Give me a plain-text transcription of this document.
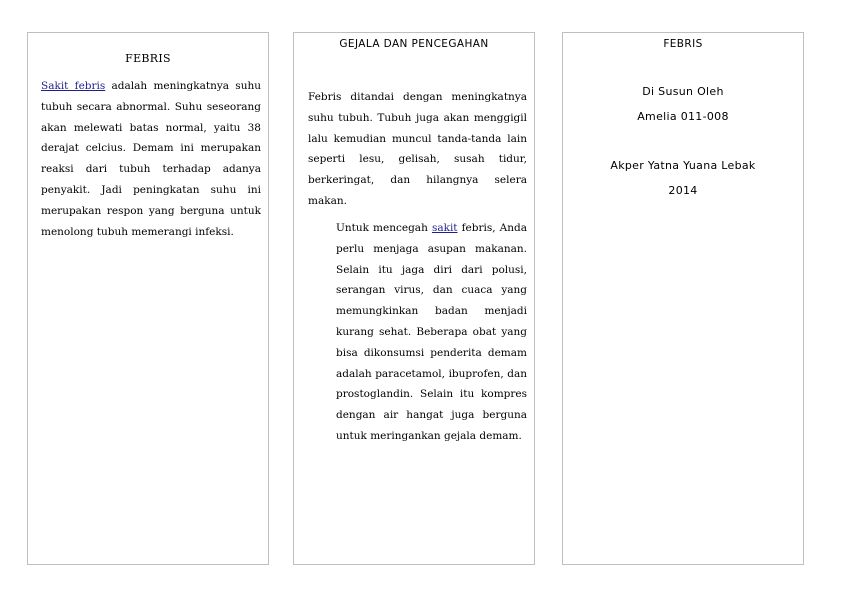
FEBRIS

Sakit febris adalah meningkatnya suhu tubuh secara abnormal. Suhu seseorang akan melewati batas normal, yaitu 38 derajat celcius. Demam ini merupakan reaksi dari tubuh terhadap adanya penyakit. Jadi peningkatan suhu ini merupakan respon yang berguna untuk menolong tubuh memerangi infeksi.

GEJALA DAN PENCEGAHAN

Febris ditandai dengan meningkatnya suhu tubuh. Tubuh juga akan menggigil lalu kemudian muncul tanda-tanda lain seperti lesu, gelisah, susah tidur, berkeringat, dan hilangnya selera makan.

Untuk mencegah sakit febris, Anda perlu menjaga asupan makanan. Selain itu jaga diri dari polusi, serangan virus, dan cuaca yang memungkinkan badan menjadi kurang sehat. Beberapa obat yang bisa dikonsumsi penderita demam adalah paracetamol, ibuprofen, dan prostoglandin. Selain itu kompres dengan air hangat juga berguna untuk meringankan gejala demam.

FEBRIS

Di Susun Oleh

Amelia 011-008

Akper Yatna Yuana Lebak

2014
